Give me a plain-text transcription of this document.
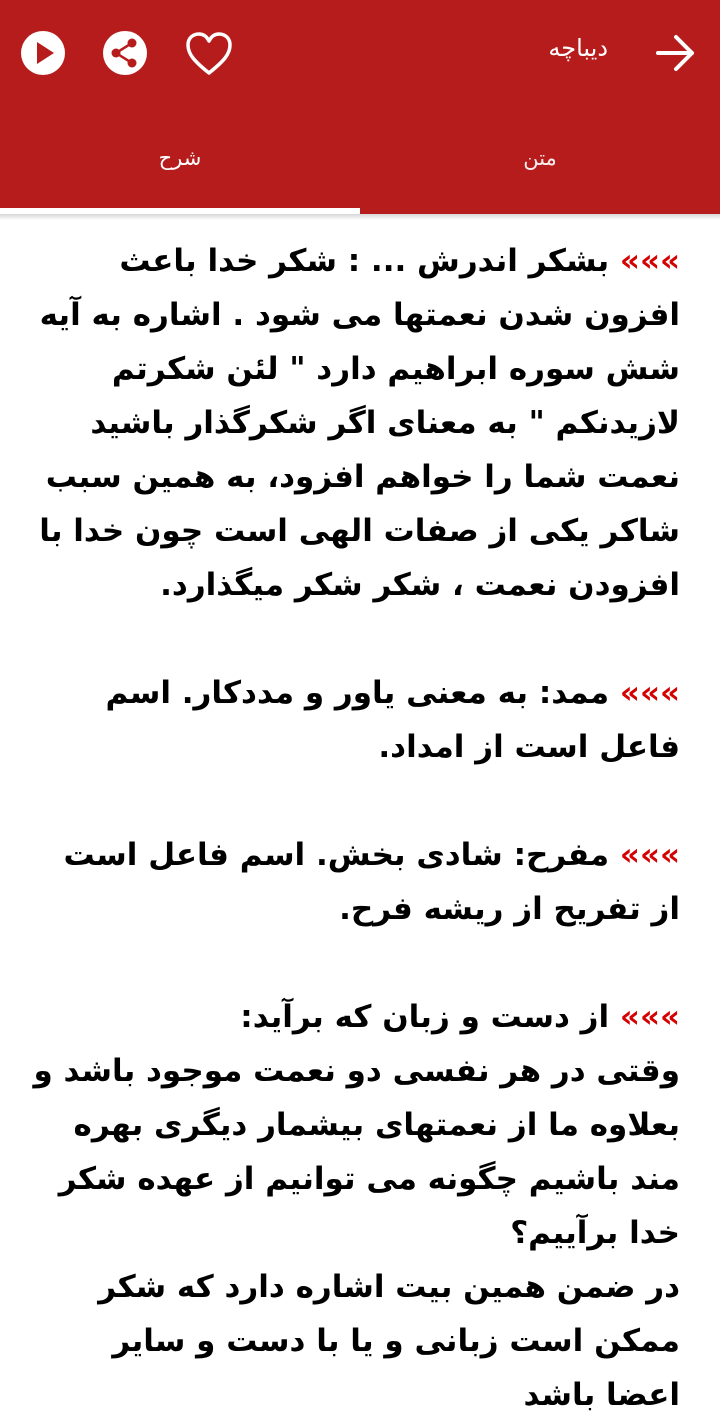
دیباچه
شرح	متن

»»» بشکر اندرش ... : شکر خدا باعث افزون شدن نعمتها می شود . اشاره به آیه شش سوره ابراهیم دارد " لئن شکرتم لازیدنکم " به معنای اگر شکرگذار باشید نعمت شما را خواهم افزود، به همین سبب شاکر یکی از صفات الهی است چون خدا با افزودن نعمت ، شکر شکر میگذارد.

»»» ممد: به معنی یاور و مددکار. اسم فاعل است از امداد.

»»» مفرح: شادی بخش. اسم فاعل است از تفریح از ریشه فرح.

»»» از دست و زبان که برآید:
وقتی در هر نفسی دو نعمت موجود باشد و بعلاوه ما از نعمتهای بیشمار دیگری بهره مند باشیم چگونه می توانیم از عهده شکر خدا برآییم؟
در ضمن همین بیت اشاره دارد که شکر ممکن است زبانی و یا با دست و سایر اعضا باشد
